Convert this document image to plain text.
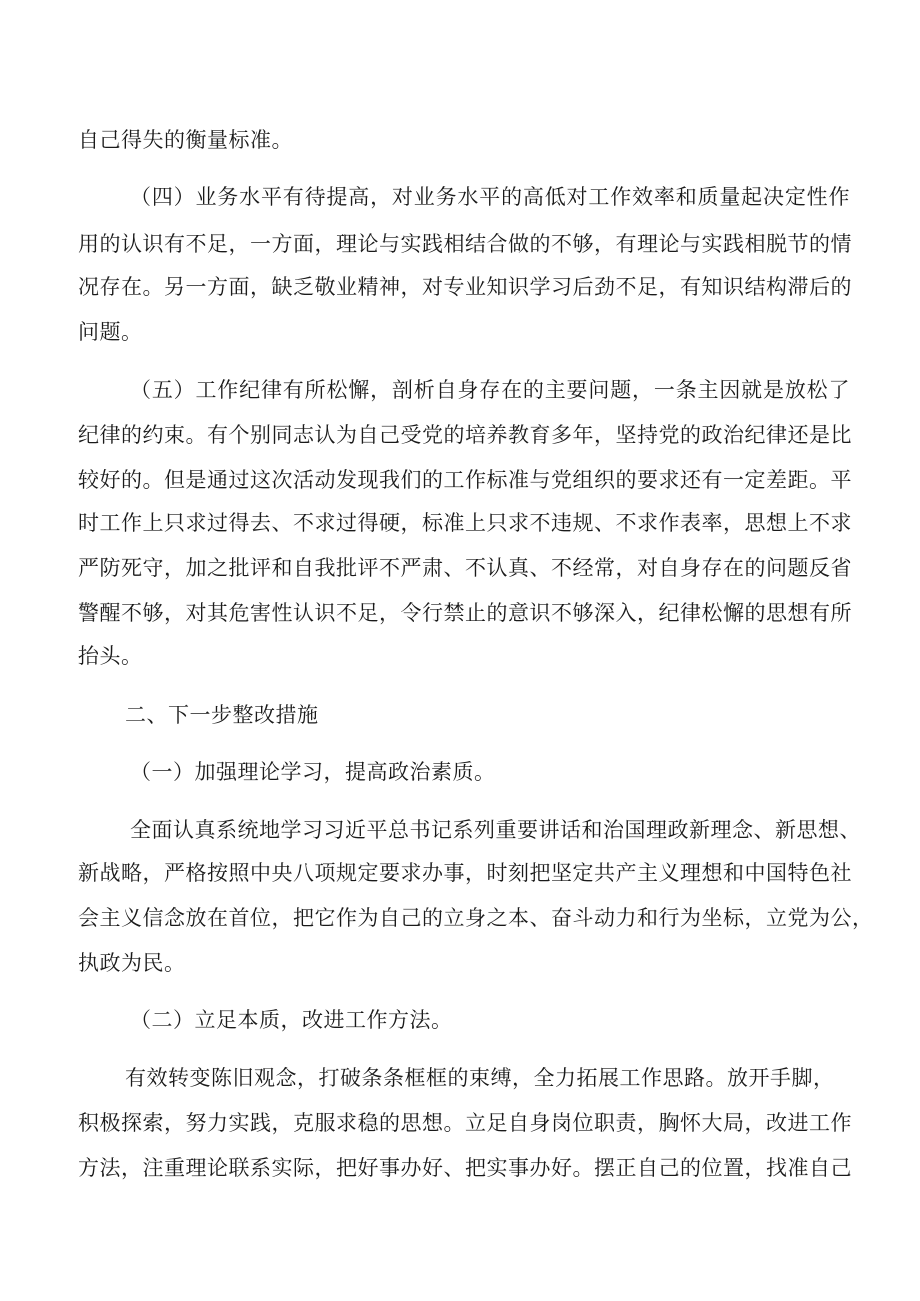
自己得失的衡量标准。
（四）业务水平有待提高，对业务水平的高低对工作效率和质量起决定性作
用的认识有不足，一方面，理论与实践相结合做的不够，有理论与实践相脱节的情
况存在。另一方面，缺乏敬业精神，对专业知识学习后劲不足，有知识结构滞后的
问题。
（五）工作纪律有所松懈，剖析自身存在的主要问题，一条主因就是放松了
纪律的约束。有个别同志认为自己受党的培养教育多年，坚持党的政治纪律还是比
较好的。但是通过这次活动发现我们的工作标准与党组织的要求还有一定差距。平
时工作上只求过得去、不求过得硬，标准上只求不违规、不求作表率，思想上不求
严防死守，加之批评和自我批评不严肃、不认真、不经常，对自身存在的问题反省
警醒不够，对其危害性认识不足，令行禁止的意识不够深入，纪律松懈的思想有所
抬头。
二、下一步整改措施
（一）加强理论学习，提高政治素质。
全面认真系统地学习习近平总书记系列重要讲话和治国理政新理念、新思想、
新战略，严格按照中央八项规定要求办事，时刻把坚定共产主义理想和中国特色社
会主义信念放在首位，把它作为自己的立身之本、奋斗动力和行为坐标，立党为公，
执政为民。
（二）立足本质，改进工作方法。
有效转变陈旧观念，打破条条框框的束缚，全力拓展工作思路。放开手脚，
积极探索，努力实践，克服求稳的思想。立足自身岗位职责，胸怀大局，改进工作
方法，注重理论联系实际，把好事办好、把实事办好。摆正自己的位置，找准自己
